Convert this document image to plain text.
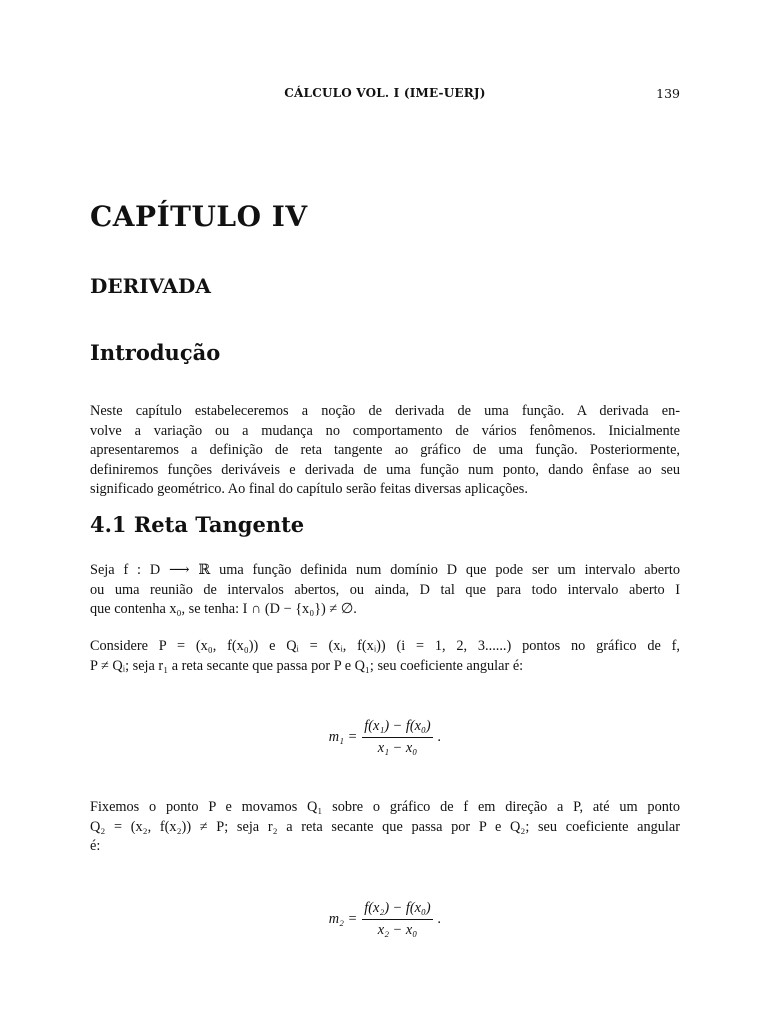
CÁLCULO VOL. I (IME-UERJ)	139
CAPÍTULO IV
DERIVADA
Introdução

Neste capítulo estabeleceremos a noção de derivada de uma função. A derivada en-
volve a variação ou a mudança no comportamento de vários fenômenos. Inicialmente
apresentaremos a definição de reta tangente ao gráfico de uma função. Posteriormente,
definiremos funções deriváveis e derivada de uma função num ponto, dando ênfase ao seu
significado geométrico. Ao final do capítulo serão feitas diversas aplicações.

4.1 Reta Tangente

Seja f : D ⟶ ℝ uma função definida num domínio D que pode ser um intervalo aberto
ou uma reunião de intervalos abertos, ou ainda, D tal que para todo intervalo aberto I
que contenha x₀, se tenha: I ∩ (D − {x₀}) ≠ ∅.

Considere P = (x₀, f(x₀)) e Qᵢ = (xᵢ, f(xᵢ)) (i = 1, 2, 3......) pontos no gráfico de f,
P ≠ Qᵢ; seja r₁ a reta secante que passa por P e Q₁; seu coeficiente angular é:

$m_1 = \frac{\text{f(x₁) − f(x₀)}}{\text{x₁ − x₀}}$ .

Fixemos o ponto P e movamos Q₁ sobre o gráfico de f em direção a P, até um ponto
Q₂ = (x₂, f(x₂)) ≠ P; seja r₂ a reta secante que passa por P e Q₂; seu coeficiente angular
é:

$m_2 = \frac{\text{f(x₂) − f(x₀)}}{\text{x₂ − x₀}}$ .
